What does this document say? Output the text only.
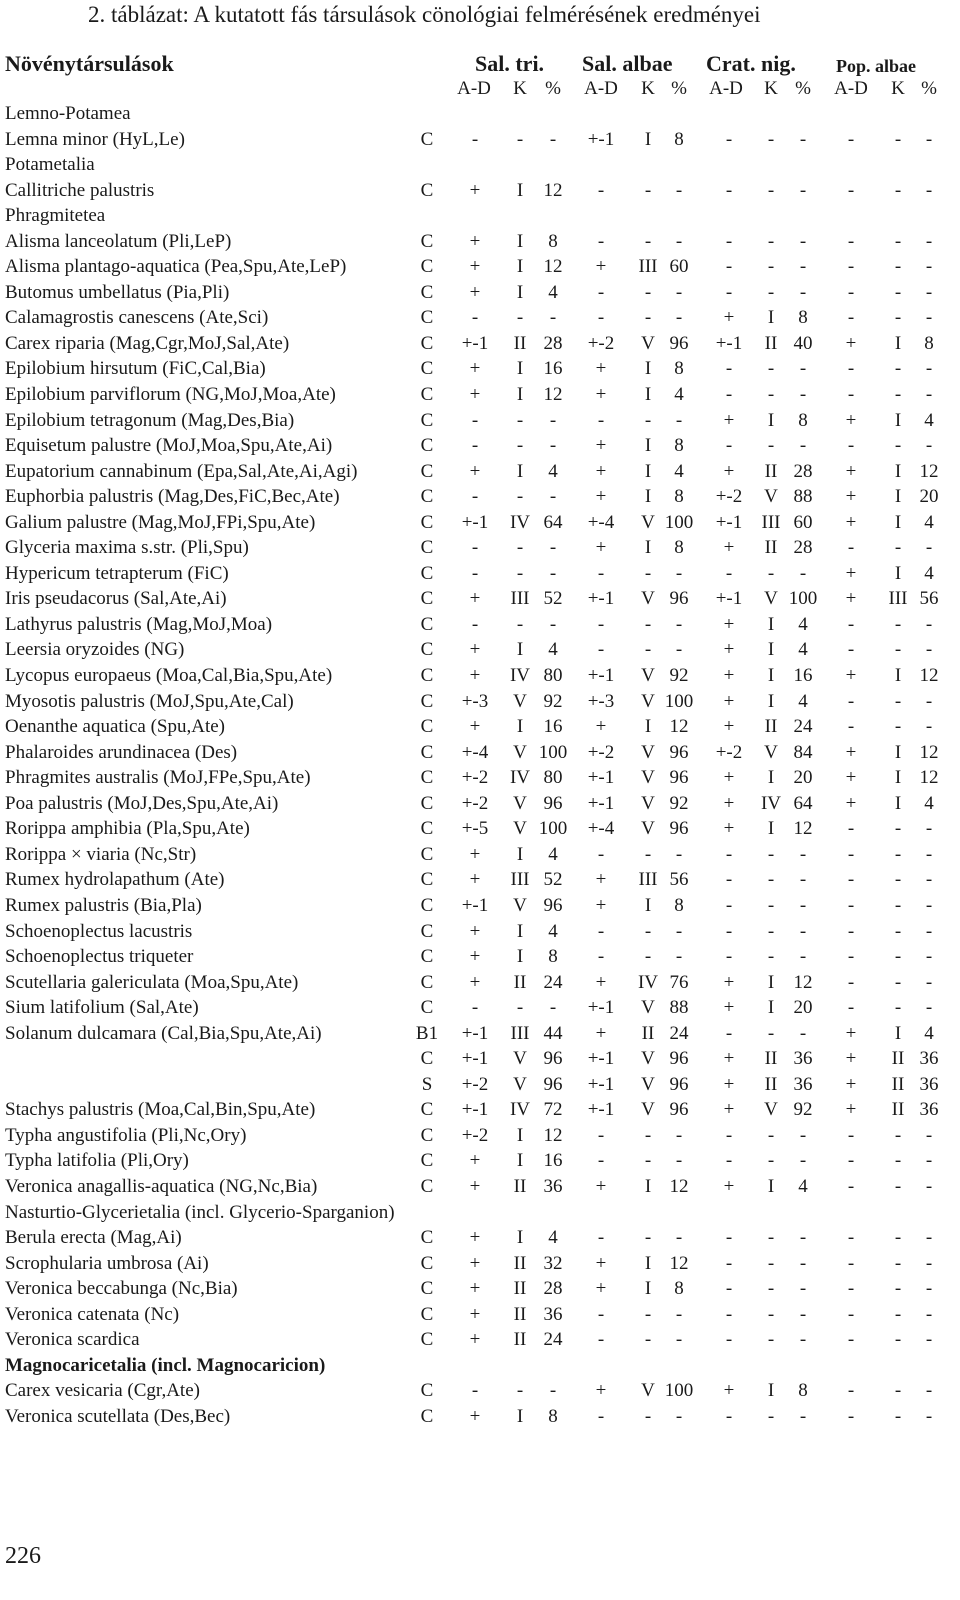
2. táblázat: A kutatott fás társulások cönológiai felmérésének eredményei
Növénytársulások	Sal. tri. Sal. albae Crat. nig. Pop. albae
A-D	K %	A-D	K %	A-D	K %	A-D	K %
Lemno-Potamea
Lemna minor (HyL,Le)	C	-	-	-	+-1	I	8	-	-	-	-	-	-
Potametalia
Callitriche palustris	C	+	I	12	-	-	-	-	-	-	-	-	-
Phragmitetea
Alisma lanceolatum (Pli,LeP)	C	+	I	8	-	-	-	-	-	-	-	-	-
Alisma plantago-aquatica (Pea,Spu,Ate,LeP)	C	+	I	12	+	III 60	-	-	-	-	-	-
Butomus umbellatus (Pia,Pli)	C	+	I	4	-	-	-	-	-	-	-	-	-
Calamagrostis canescens (Ate,Sci)	C	-	-	-	-	-	-	+	I	8	-	-	-
Carex riparia (Mag,Cgr,MoJ,Sal,Ate)	C	+-1	II 28	+-2	V 96	+-1	II 40	+	I	8
Epilobium hirsutum (FiC,Cal,Bia)	C	+	I	16	+	I	8	-	-	-	-	-	-
Epilobium parviflorum (NG,MoJ,Moa,Ate)	C	+	I	12	+	I	4	-	-	-	-	-	-
Epilobium tetragonum (Mag,Des,Bia)	C	-	-	-	-	-	-	+	I	8	+	I	4
Equisetum palustre (MoJ,Moa,Spu,Ate,Ai)	C	-	-	-	+	I	8	-	-	-	-	-	-
Eupatorium cannabinum (Epa,Sal,Ate,Ai,Agi)	C	+	I	4	+	I	4	+	II 28	+	I 12
Euphorbia palustris (Mag,Des,FiC,Bec,Ate)	C	-	-	-	+	I	8	+-2	V 88	+	I 20
Galium palustre (Mag,MoJ,FPi,Spu,Ate)	C	+-1	IV 64	+-4	V 100	+-1	III 60	+	I	4
Glyceria maxima s.str. (Pli,Spu)	C	-	-	-	+	I	8	+	II 28	-	-	-
Hypericum tetrapterum (FiC)	C	-	-	-	-	-	-	-	-	-	+	I	4
Iris pseudacorus (Sal,Ate,Ai)	C	+	III 52	+-1	V 96	+-1	V 100	+	III 56
Lathyrus palustris (Mag,MoJ,Moa)	C	-	-	-	-	-	-	+	I	4	-	-	-
Leersia oryzoides (NG)	C	+	I	4	-	-	-	+	I	4	-	-	-
Lycopus europaeus (Moa,Cal,Bia,Spu,Ate)	C	+	IV 80	+-1	V 92	+	I	16	+	I 12
Myosotis palustris (MoJ,Spu,Ate,Cal)	C	+-3	V 92	+-3	V 100	+	I	4	-	-	-
Oenanthe aquatica (Spu,Ate)	C	+	I	16	+	I 12	+	II 24	-	-	-
Phalaroides arundinacea (Des)	C	+-4	V 100	+-2	V 96	+-2	V 84	+	I 12
Phragmites australis (MoJ,FPe,Spu,Ate)	C	+-2	IV 80	+-1	V 96	+	I	20	+	I 12
Poa palustris (MoJ,Des,Spu,Ate,Ai)	C	+-2	V 96	+-1	V 92	+	IV 64	+	I	4
Rorippa amphibia (Pla,Spu,Ate)	C	+-5	V 100	+-4	V 96	+	I	12	-	-	-
Rorippa × viaria (Nc,Str)	C	+	I	4	-	-	-	-	-	-	-	-	-
Rumex hydrolapathum (Ate)	C	+	III 52	+	III 56	-	-	-	-	-	-
Rumex palustris (Bia,Pla)	C	+-1	V 96	+	I	8	-	-	-	-	-	-
Schoenoplectus lacustris	C	+	I	4	-	-	-	-	-	-	-	-	-
Schoenoplectus triqueter	C	+	I	8	-	-	-	-	-	-	-	-	-
Scutellaria galericulata (Moa,Spu,Ate)	C	+	II 24	+	IV 76	+	I	12	-	-	-
Sium latifolium (Sal,Ate)	C	-	-	-	+-1	V 88	+	I	20	-	-	-
Solanum dulcamara (Cal,Bia,Spu,Ate,Ai)	B1	+-1	III 44	+	II 24	-	-	-	+	I	4
C	+-1	V 96	+-1	V 96	+	II 36	+	II 36
S	+-2	V 96	+-1	V 96	+	II 36	+	II 36
Stachys palustris (Moa,Cal,Bin,Spu,Ate)	C	+-1	IV 72	+-1	V 96	+	V 92	+	II 36
Typha angustifolia (Pli,Nc,Ory)	C	+-2	I	12	-	-	-	-	-	-	-	-	-
Typha latifolia (Pli,Ory)	C	+	I	16	-	-	-	-	-	-	-	-	-
Veronica anagallis-aquatica (NG,Nc,Bia)	C	+	II 36	+	I 12	+	I	4	-	-	-
Nasturtio-Glycerietalia (incl. Glycerio-Sparganion)
Berula erecta (Mag,Ai)	C	+	I	4	-	-	-	-	-	-	-	-	-
Scrophularia umbrosa (Ai)	C	+	II 32	+	I 12	-	-	-	-	-	-
Veronica beccabunga (Nc,Bia)	C	+	II 28	+	I	8	-	-	-	-	-	-
Veronica catenata (Nc)	C	+	II 36	-	-	-	-	-	-	-	-	-
Veronica scardica	C	+	II 24	-	-	-	-	-	-	-	-	-
Magnocaricetalia (incl. Magnocaricion)
Carex vesicaria (Cgr,Ate)	C	-	-	-	+	V 100	+	I	8	-	-	-
Veronica scutellata (Des,Bec)	C	+	I	8	-	-	-	-	-	-	-	-	-
226
